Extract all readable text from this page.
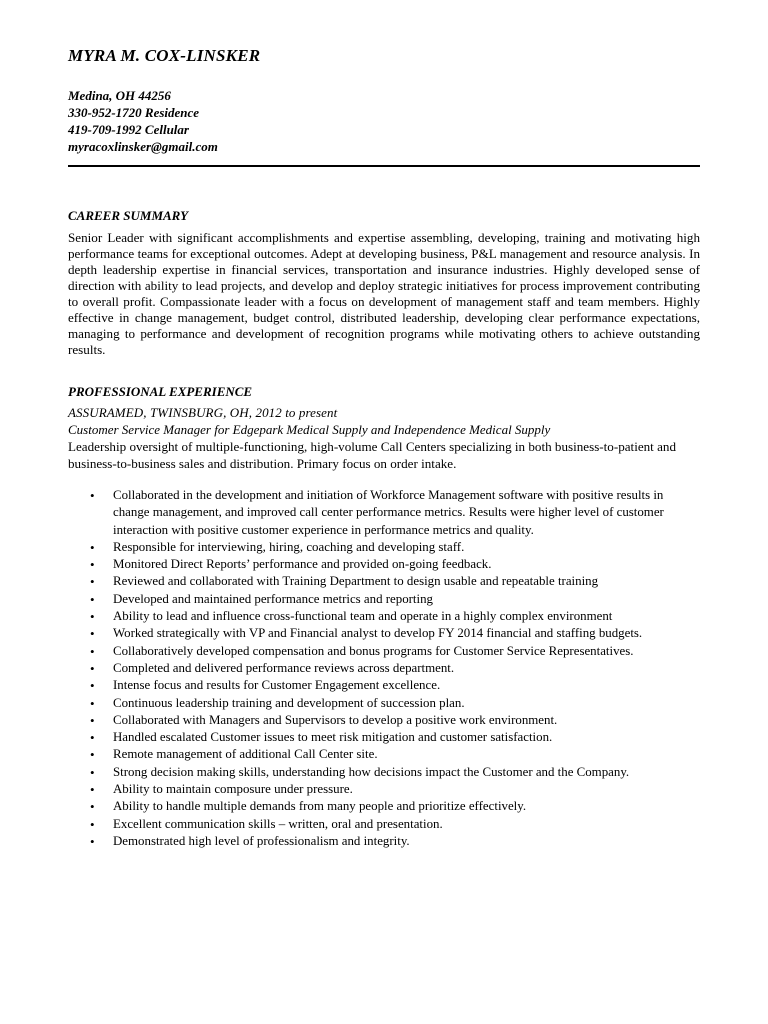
MYRA M. COX-LINSKER
Medina, OH 44256
330-952-1720 Residence
419-709-1992 Cellular
myracoxlinsker@gmail.com
CAREER SUMMARY
Senior Leader with significant accomplishments and expertise assembling, developing, training and motivating high performance teams for exceptional outcomes. Adept at developing business, P&L management and resource analysis. In depth leadership expertise in financial services, transportation and insurance industries. Highly developed sense of direction with ability to lead projects, and develop and deploy strategic initiatives for process improvement contributing to overall profit. Compassionate leader with a focus on development of management staff and team members. Highly effective in change management, budget control, distributed leadership, developing clear performance expectations, managing to performance and development of recognition programs while motivating others to achieve outstanding results.
PROFESSIONAL EXPERIENCE
ASSURAMED, TWINSBURG, OH, 2012 to present
Customer Service Manager for Edgepark Medical Supply and Independence Medical Supply
Leadership oversight of multiple-functioning, high-volume Call Centers specializing in both business-to-patient and business-to-business sales and distribution. Primary focus on order intake.
• Collaborated in the development and initiation of Workforce Management software with positive results in change management, and improved call center performance metrics. Results were higher level of customer interaction with positive customer experience in performance metrics and quality.
• Responsible for interviewing, hiring, coaching and developing staff.
• Monitored Direct Reports’ performance and provided on-going feedback.
• Reviewed and collaborated with Training Department to design usable and repeatable training
• Developed and maintained performance metrics and reporting
• Ability to lead and influence cross-functional team and operate in a highly complex environment
• Worked strategically with VP and Financial analyst to develop FY 2014 financial and staffing budgets.
• Collaboratively developed compensation and bonus programs for Customer Service Representatives.
• Completed and delivered performance reviews across department.
• Intense focus and results for Customer Engagement excellence.
• Continuous leadership training and development of succession plan.
• Collaborated with Managers and Supervisors to develop a positive work environment.
• Handled escalated Customer issues to meet risk mitigation and customer satisfaction.
• Remote management of additional Call Center site.
• Strong decision making skills, understanding how decisions impact the Customer and the Company.
• Ability to maintain composure under pressure.
• Ability to handle multiple demands from many people and prioritize effectively.
• Excellent communication skills – written, oral and presentation.
• Demonstrated high level of professionalism and integrity.
